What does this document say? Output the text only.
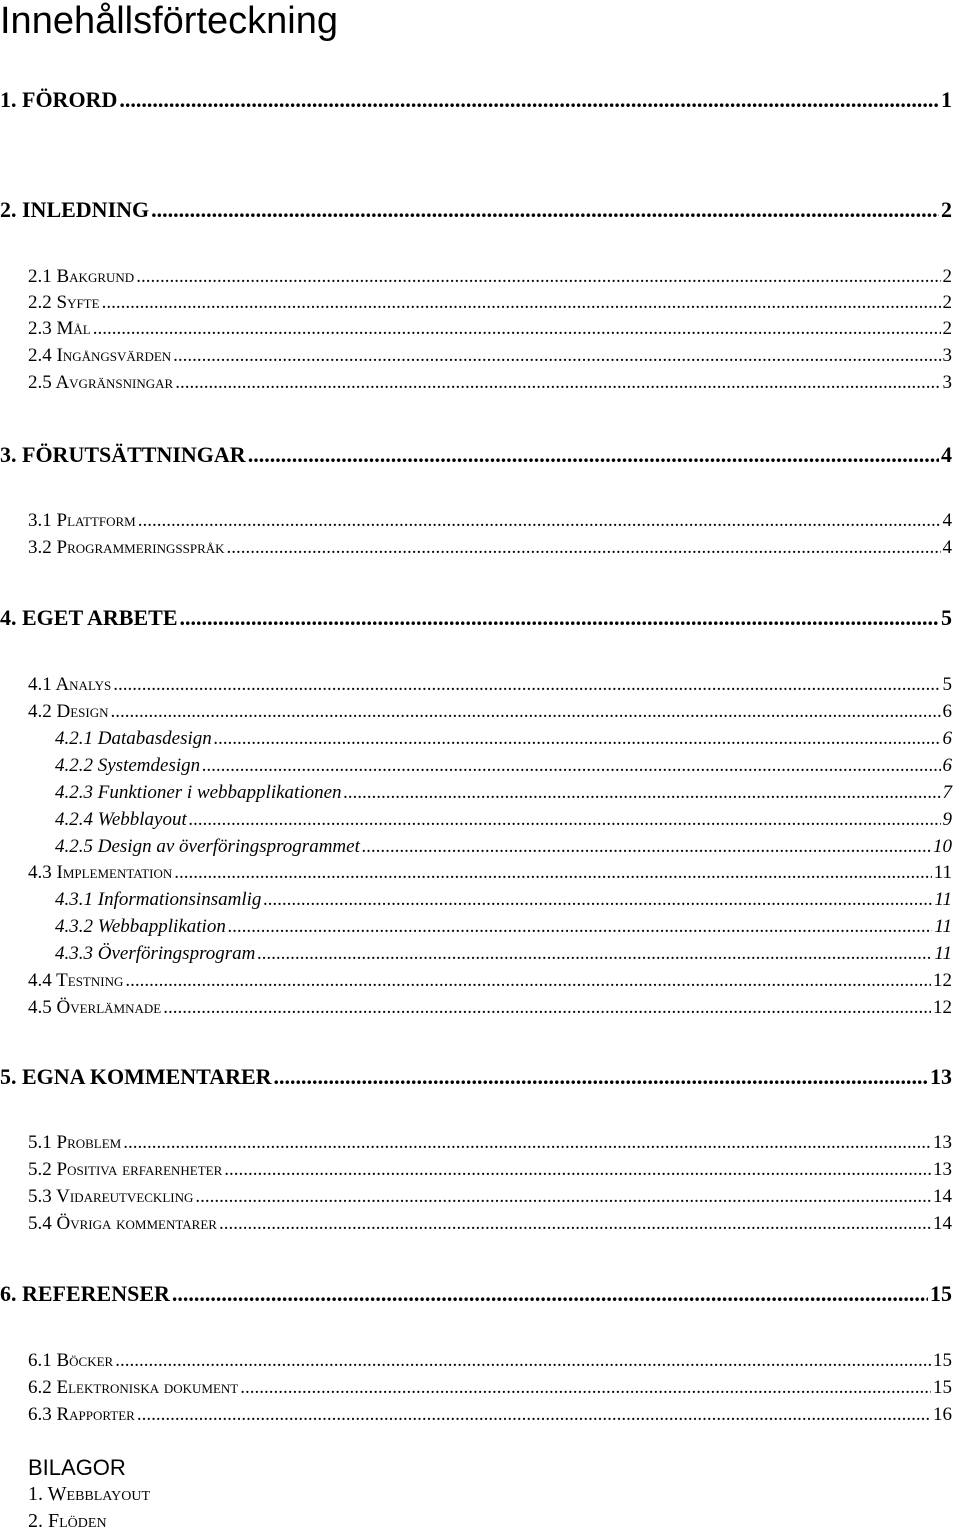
Innehållsförteckning
1. FÖRORD .....	1
2. INLEDNING .....	2
2.1 Bakgrund .....	2
2.2 Syfte .....	2
2.3 Mål .....	2
2.4 Ingångsvärden .....	3
2.5 Avgränsningar .....	3
3. FÖRUTSÄTTNINGAR .....	4
3.1 Plattform .....	4
3.2 Programmeringsspråk .....	4
4. EGET ARBETE .....	5
4.1 Analys .....	5
4.2 Design .....	6
4.2.1 Databasdesign .....	6
4.2.2 Systemdesign .....	6
4.2.3 Funktioner i webbapplikationen .....	7
4.2.4 Webblayout .....	9
4.2.5 Design av överföringsprogrammet .....	10
4.3 Implementation .....	11
4.3.1 Informationsinsamlig .....	11
4.3.2 Webbapplikation .....	11
4.3.3 Överföringsprogram .....	11
4.4 Testning .....	12
4.5 Överlämnade .....	12
5. EGNA KOMMENTARER .....	13
5.1 Problem .....	13
5.2 Positiva erfarenheter .....	13
5.3 Vidareutveckling .....	14
5.4 Övriga kommentarer .....	14
6. REFERENSER .....	15
6.1 Böcker .....	15
6.2 Elektroniska dokument .....	15
6.3 Rapporter .....	16
BILAGOR
1. Webblayout
2. Flöden
